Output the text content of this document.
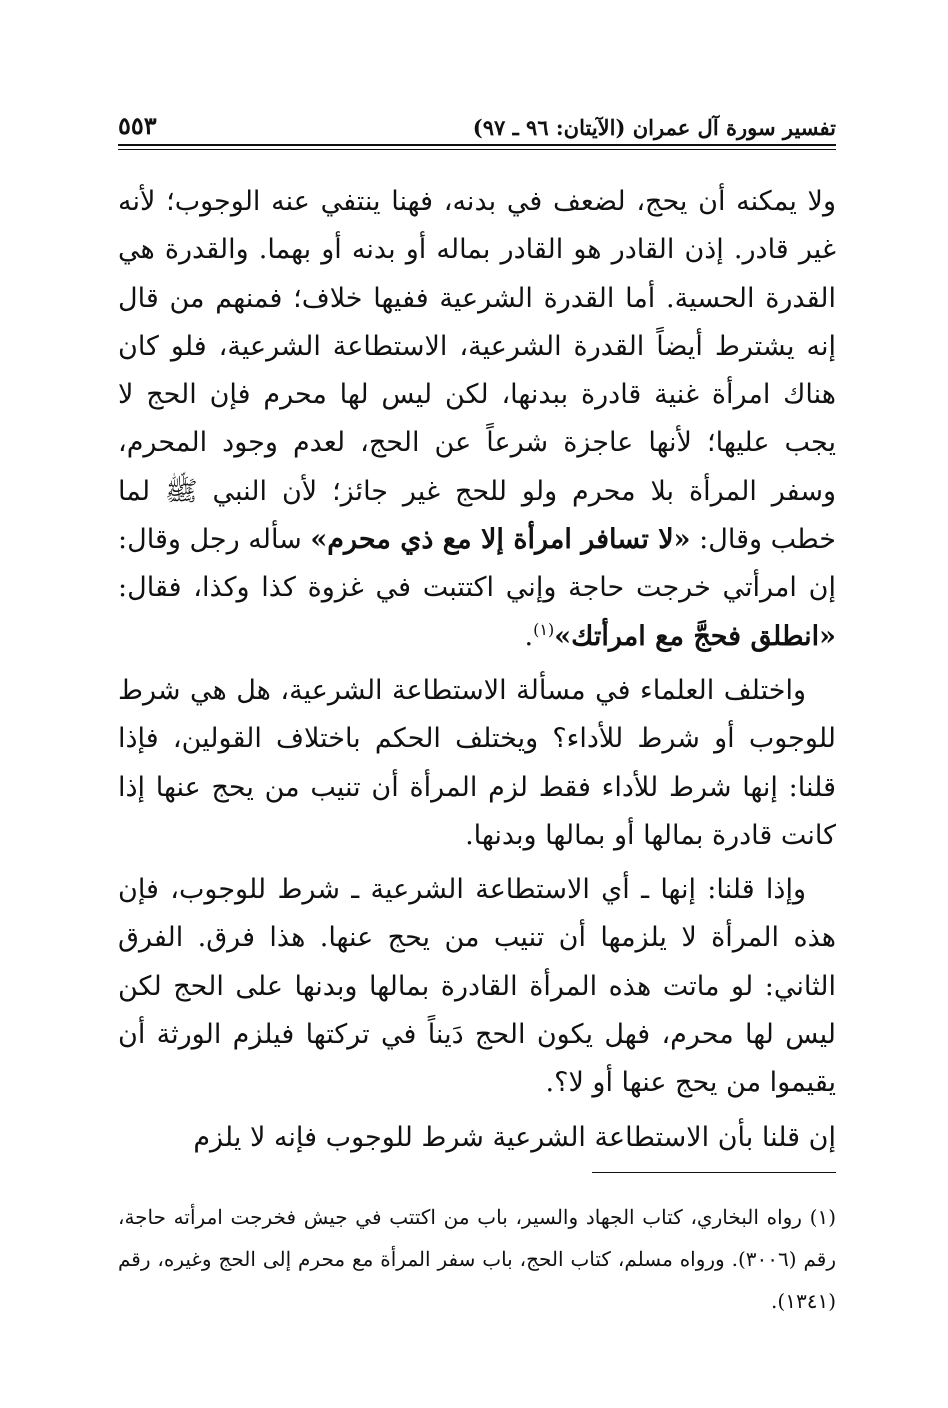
تفسير سورة آل عمران (الآيتان: ٩٦ ـ ٩٧)
٥٥٣

ولا يمكنه أن يحج، لضعف في بدنه، فهنا ينتفي عنه الوجوب؛ لأنه غير قادر. إذن القادر هو القادر بماله أو بدنه أو بهما. والقدرة هي القدرة الحسية. أما القدرة الشرعية ففيها خلاف؛ فمنهم من قال إنه يشترط أيضاً القدرة الشرعية، الاستطاعة الشرعية، فلو كان هناك امرأة غنية قادرة ببدنها، لكن ليس لها محرم فإن الحج لا يجب عليها؛ لأنها عاجزة شرعاً عن الحج، لعدم وجود المحرم، وسفر المرأة بلا محرم ولو للحج غير جائز؛ لأن النبي ﷺ لما خطب وقال: «لا تسافر امرأة إلا مع ذي محرم» سأله رجل وقال: إن امرأتي خرجت حاجة وإني اكتتبت في غزوة كذا وكذا، فقال: «انطلق فحجَّ مع امرأتك»$^{(١)}$.

واختلف العلماء في مسألة الاستطاعة الشرعية، هل هي شرط للوجوب أو شرط للأداء؟ ويختلف الحكم باختلاف القولين، فإذا قلنا: إنها شرط للأداء فقط لزم المرأة أن تنيب من يحج عنها إذا كانت قادرة بمالها أو بمالها وبدنها.

وإذا قلنا: إنها ـ أي الاستطاعة الشرعية ـ شرط للوجوب، فإن هذه المرأة لا يلزمها أن تنيب من يحج عنها. هذا فرق. الفرق الثاني: لو ماتت هذه المرأة القادرة بمالها وبدنها على الحج لكن ليس لها محرم، فهل يكون الحج دَيناً في تركتها فيلزم الورثة أن يقيموا من يحج عنها أو لا؟.

إن قلنا بأن الاستطاعة الشرعية شرط للوجوب فإنه لا يلزم

(١) رواه البخاري، كتاب الجهاد والسير، باب من اكتتب في جيش فخرجت امرأته حاجة، رقم (٣٠٠٦). ورواه مسلم، كتاب الحج، باب سفر المرأة مع محرم إلى الحج وغيره، رقم (١٣٤١).
